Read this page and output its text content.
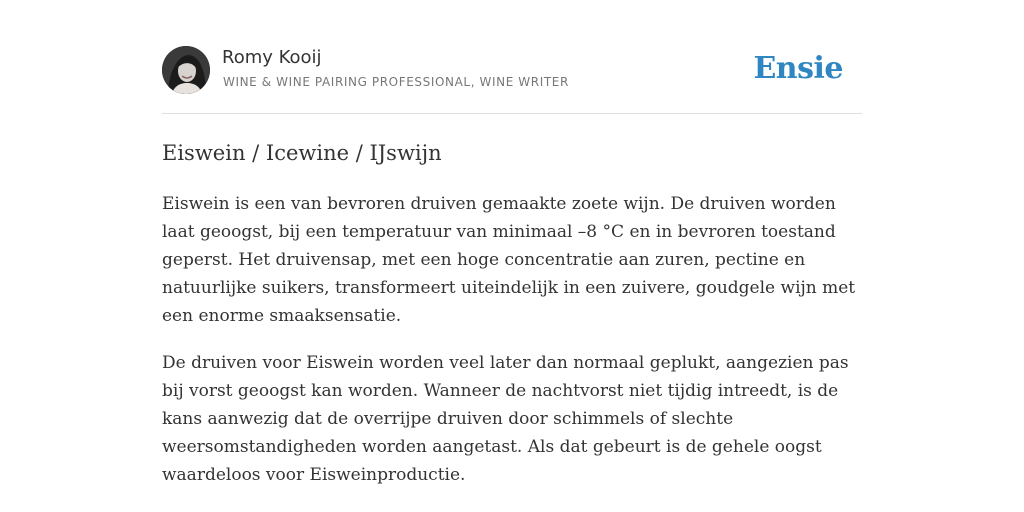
Romy Kooij
WINE & WINE PAIRING PROFESSIONAL, WINE WRITER	Ensie
Eiswein / Icewine / IJswijn

Eiswein is een van bevroren druiven gemaakte zoete wijn. De druiven worden
laat geoogst, bij een temperatuur van minimaal –8 °C en in bevroren toestand
geperst. Het druivensap, met een hoge concentratie aan zuren, pectine en
natuurlijke suikers, transformeert uiteindelijk in een zuivere, goudgele wijn met
een enorme smaaksensatie.

De druiven voor Eiswein worden veel later dan normaal geplukt, aangezien pas
bij vorst geoogst kan worden. Wanneer de nachtvorst niet tijdig intreedt, is de
kans aanwezig dat de overrijpe druiven door schimmels of slechte
weersomstandigheden worden aangetast. Als dat gebeurt is de gehele oogst
waardeloos voor Eisweinproductie.
